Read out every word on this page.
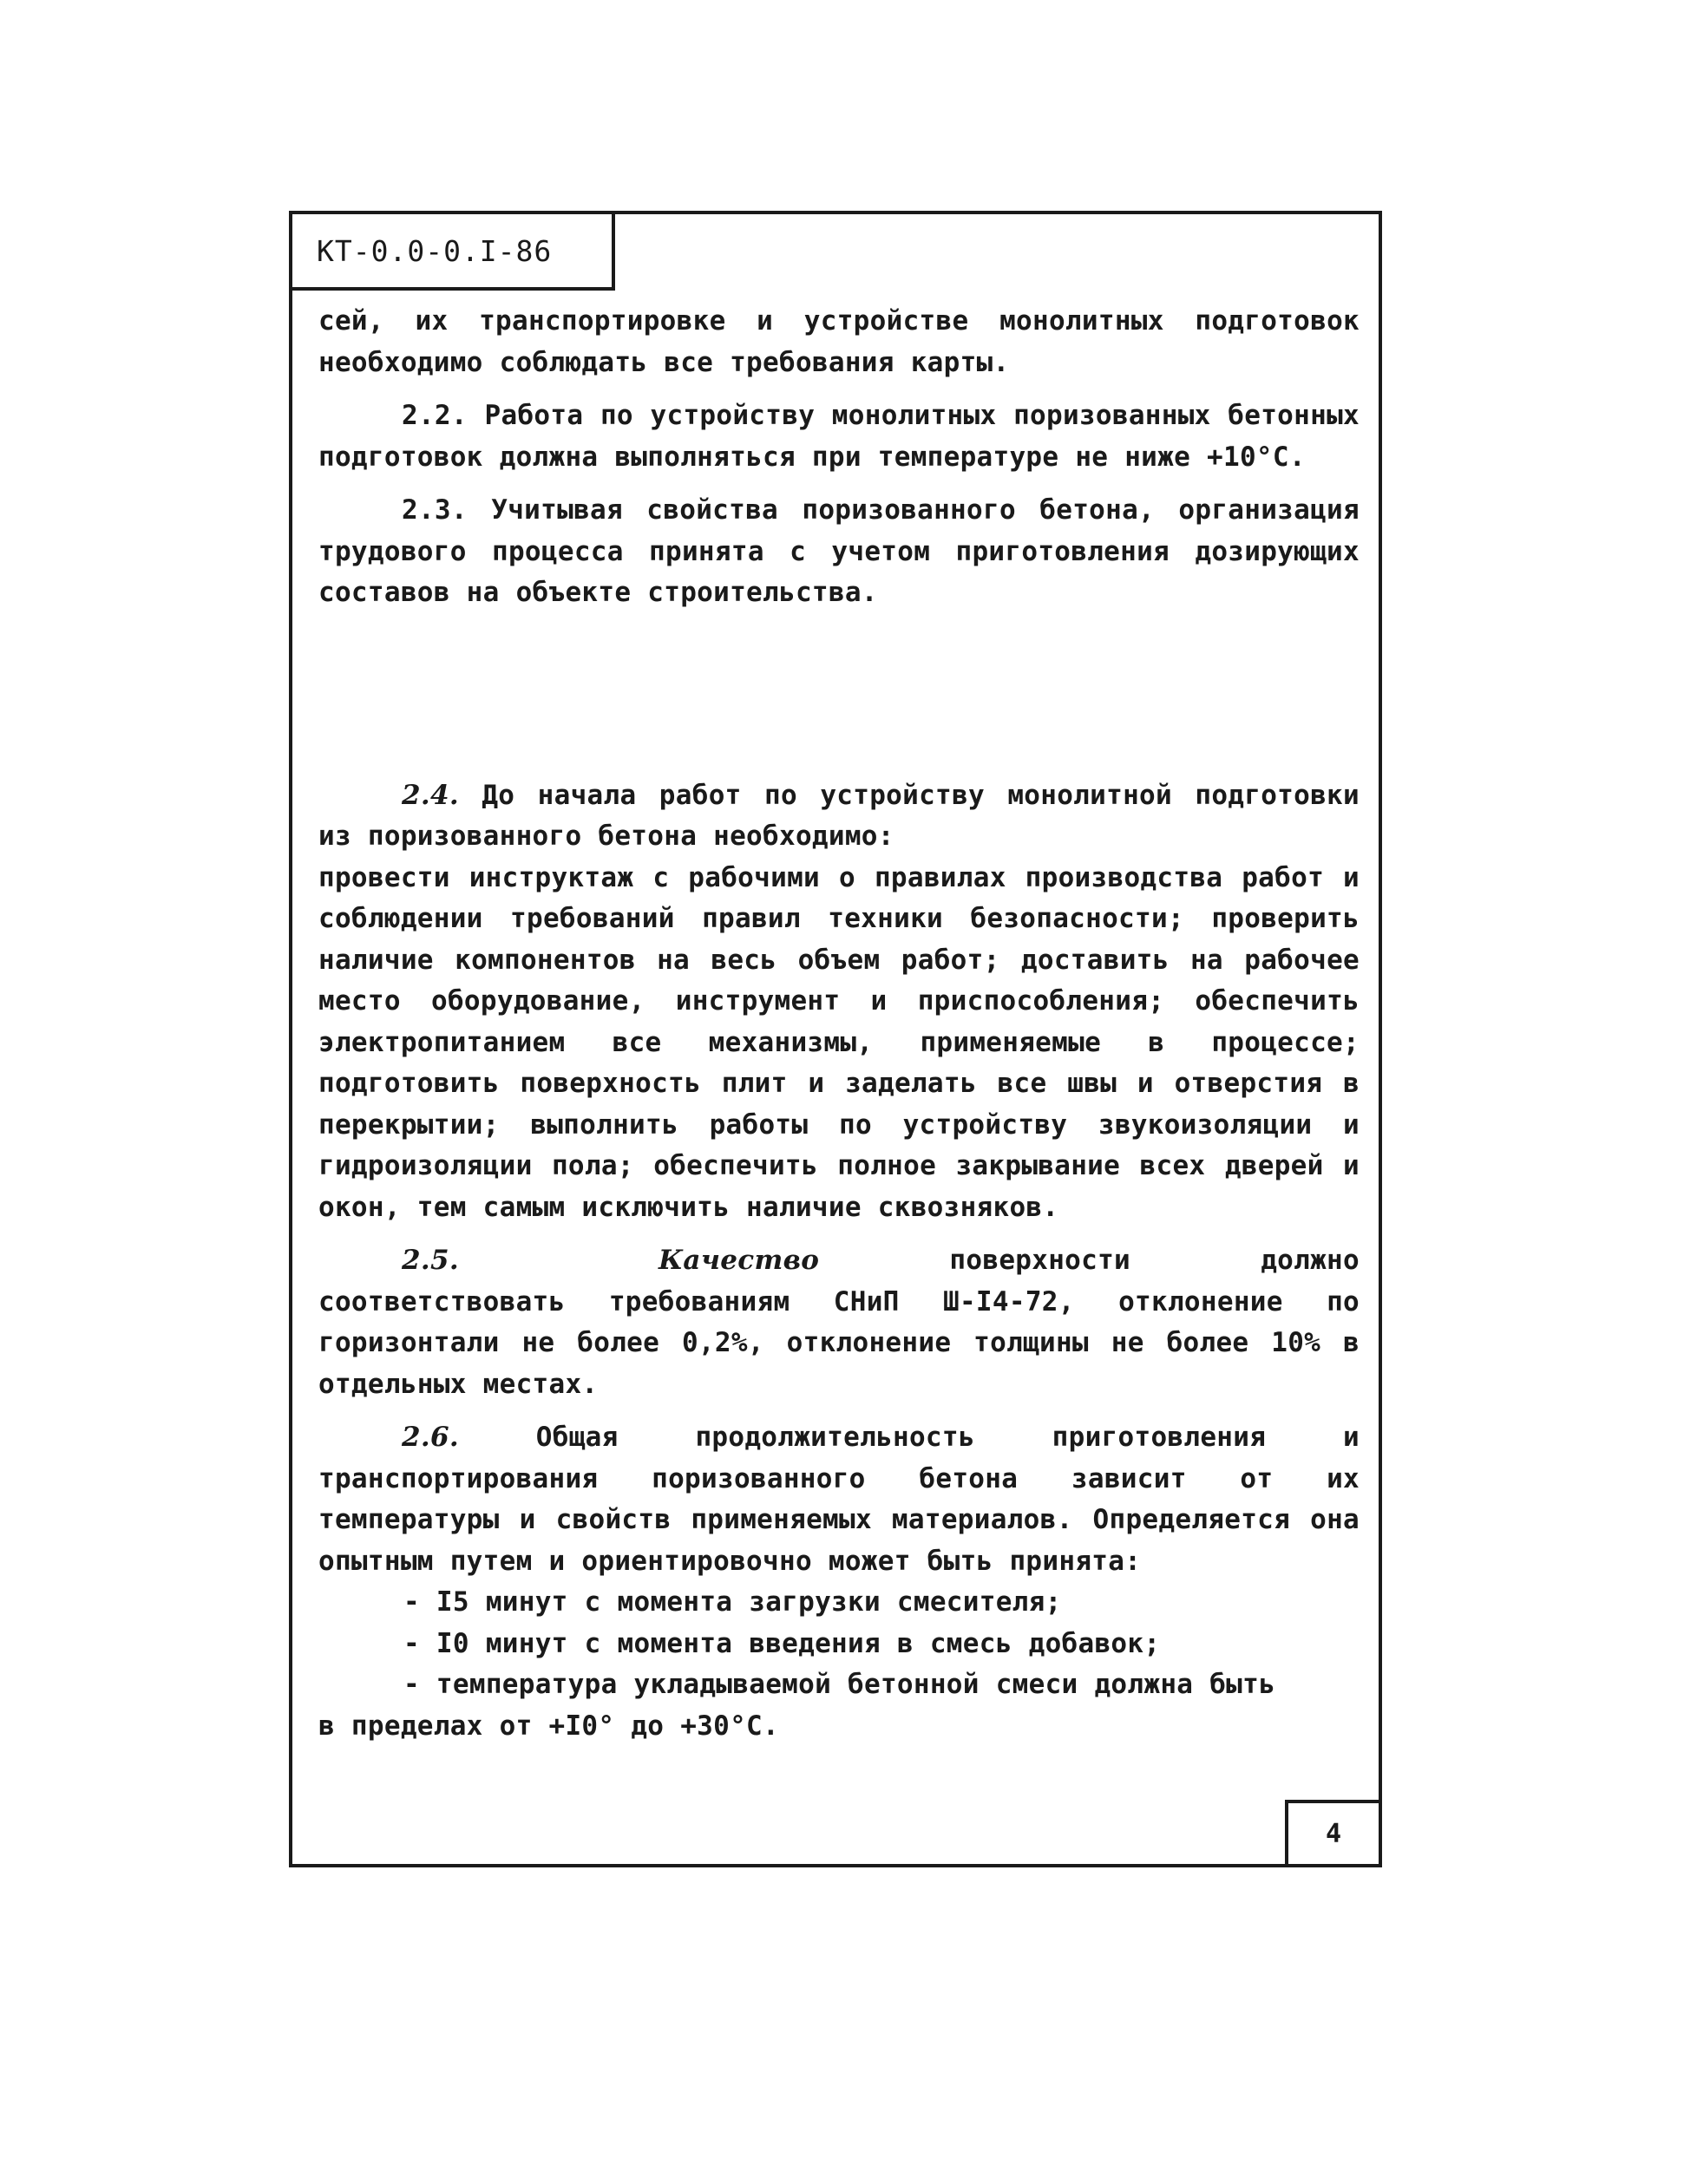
КТ-0.0-0.I-86

сей, их транспортировке и устройстве монолитных подготовок необходимо соблюдать все требования карты.

2.2. Работа по устройству монолитных поризованных бетонных подготовок должна выполняться при температуре не ниже +10°С.

2.3. Учитывая свойства поризованного бетона, организация трудового процесса принята с учетом приготовления дозирующих составов на объекте строительства.

2.4. До начала работ по устройству монолитной подготовки из поризованного бетона необходимо:

провести инструктаж с рабочими о правилах производства работ и соблюдении требований правил техники безопасности; проверить наличие компонентов на весь объем работ; доставить на рабочее место оборудование, инструмент и приспособления; обеспечить электропитанием все механизмы, применяемые в процессе; подготовить поверхность плит и заделать все швы и отверстия в перекрытии; выполнить работы по устройству звукоизоляции и гидроизоляции пола; обеспечить полное закрывание всех дверей и окон, тем самым исключить наличие сквозняков.

2.5.	Качество	поверхности должно соответствовать требованиям СНиП Ш-I4-72, отклонение по горизонтали не более 0,2%, отклонение толщины не более 10% в отдельных местах.

2.6.	Общая продолжительность приготовления и транспортирования поризованного бетона зависит от их температуры и свойств применяемых материалов. Определяется она опытным путем и ориентировочно может быть принята:

- I5 минут с момента загрузки смесителя;

- I0 минут с момента введения в смесь добавок;

- температура укладываемой бетонной смеси должна быть

в пределах от +I0° до +30°С.

4
